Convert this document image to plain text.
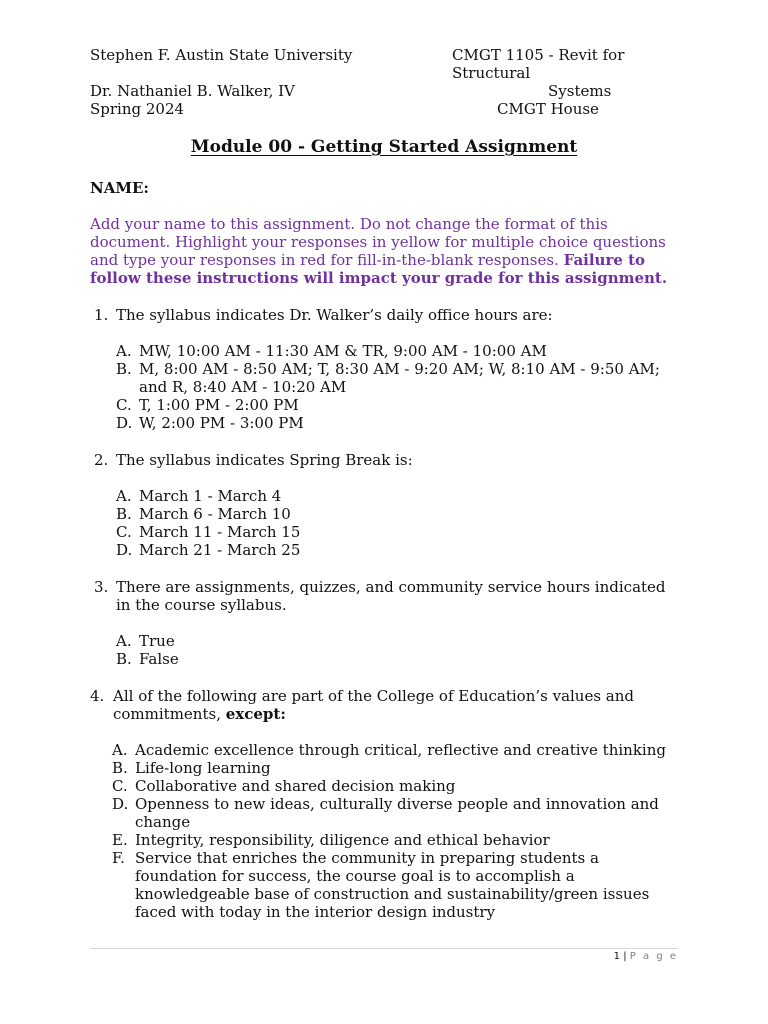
Stephen F. Austin State University
Dr. Nathaniel B. Walker, IV
Spring 2024
CMGT 1105 - Revit for
Structural
Systems
CMGT House
Module 00 - Getting Started Assignment
NAME:
Add your name to this assignment. Do not change the format of this
document. Highlight your responses in yellow for multiple choice questions
and type your responses in red for fill-in-the-blank responses. Failure to
follow these instructions will impact your grade for this assignment.
1. The syllabus indicates Dr. Walker’s daily office hours are:
A. MW, 10:00 AM - 11:30 AM & TR, 9:00 AM - 10:00 AM
B. M, 8:00 AM - 8:50 AM; T, 8:30 AM - 9:20 AM; W, 8:10 AM - 9:50 AM;
and R, 8:40 AM - 10:20 AM
C. T, 1:00 PM - 2:00 PM
D. W, 2:00 PM - 3:00 PM
2. The syllabus indicates Spring Break is:
A. March 1 - March 4
B. March 6 - March 10
C. March 11 - March 15
D. March 21 - March 25
3. There are assignments, quizzes, and community service hours indicated
in the course syllabus.
A. True
B. False
4. All of the following are part of the College of Education’s values and
commitments, except:
A. Academic excellence through critical, reflective and creative thinking
B. Life-long learning
C. Collaborative and shared decision making
D. Openness to new ideas, culturally diverse people and innovation and
change
E. Integrity, responsibility, diligence and ethical behavior
F. Service that enriches the community in preparing students a
foundation for success, the course goal is to accomplish a
knowledgeable base of construction and sustainability/green issues
faced with today in the interior design industry
1 | P a g e
